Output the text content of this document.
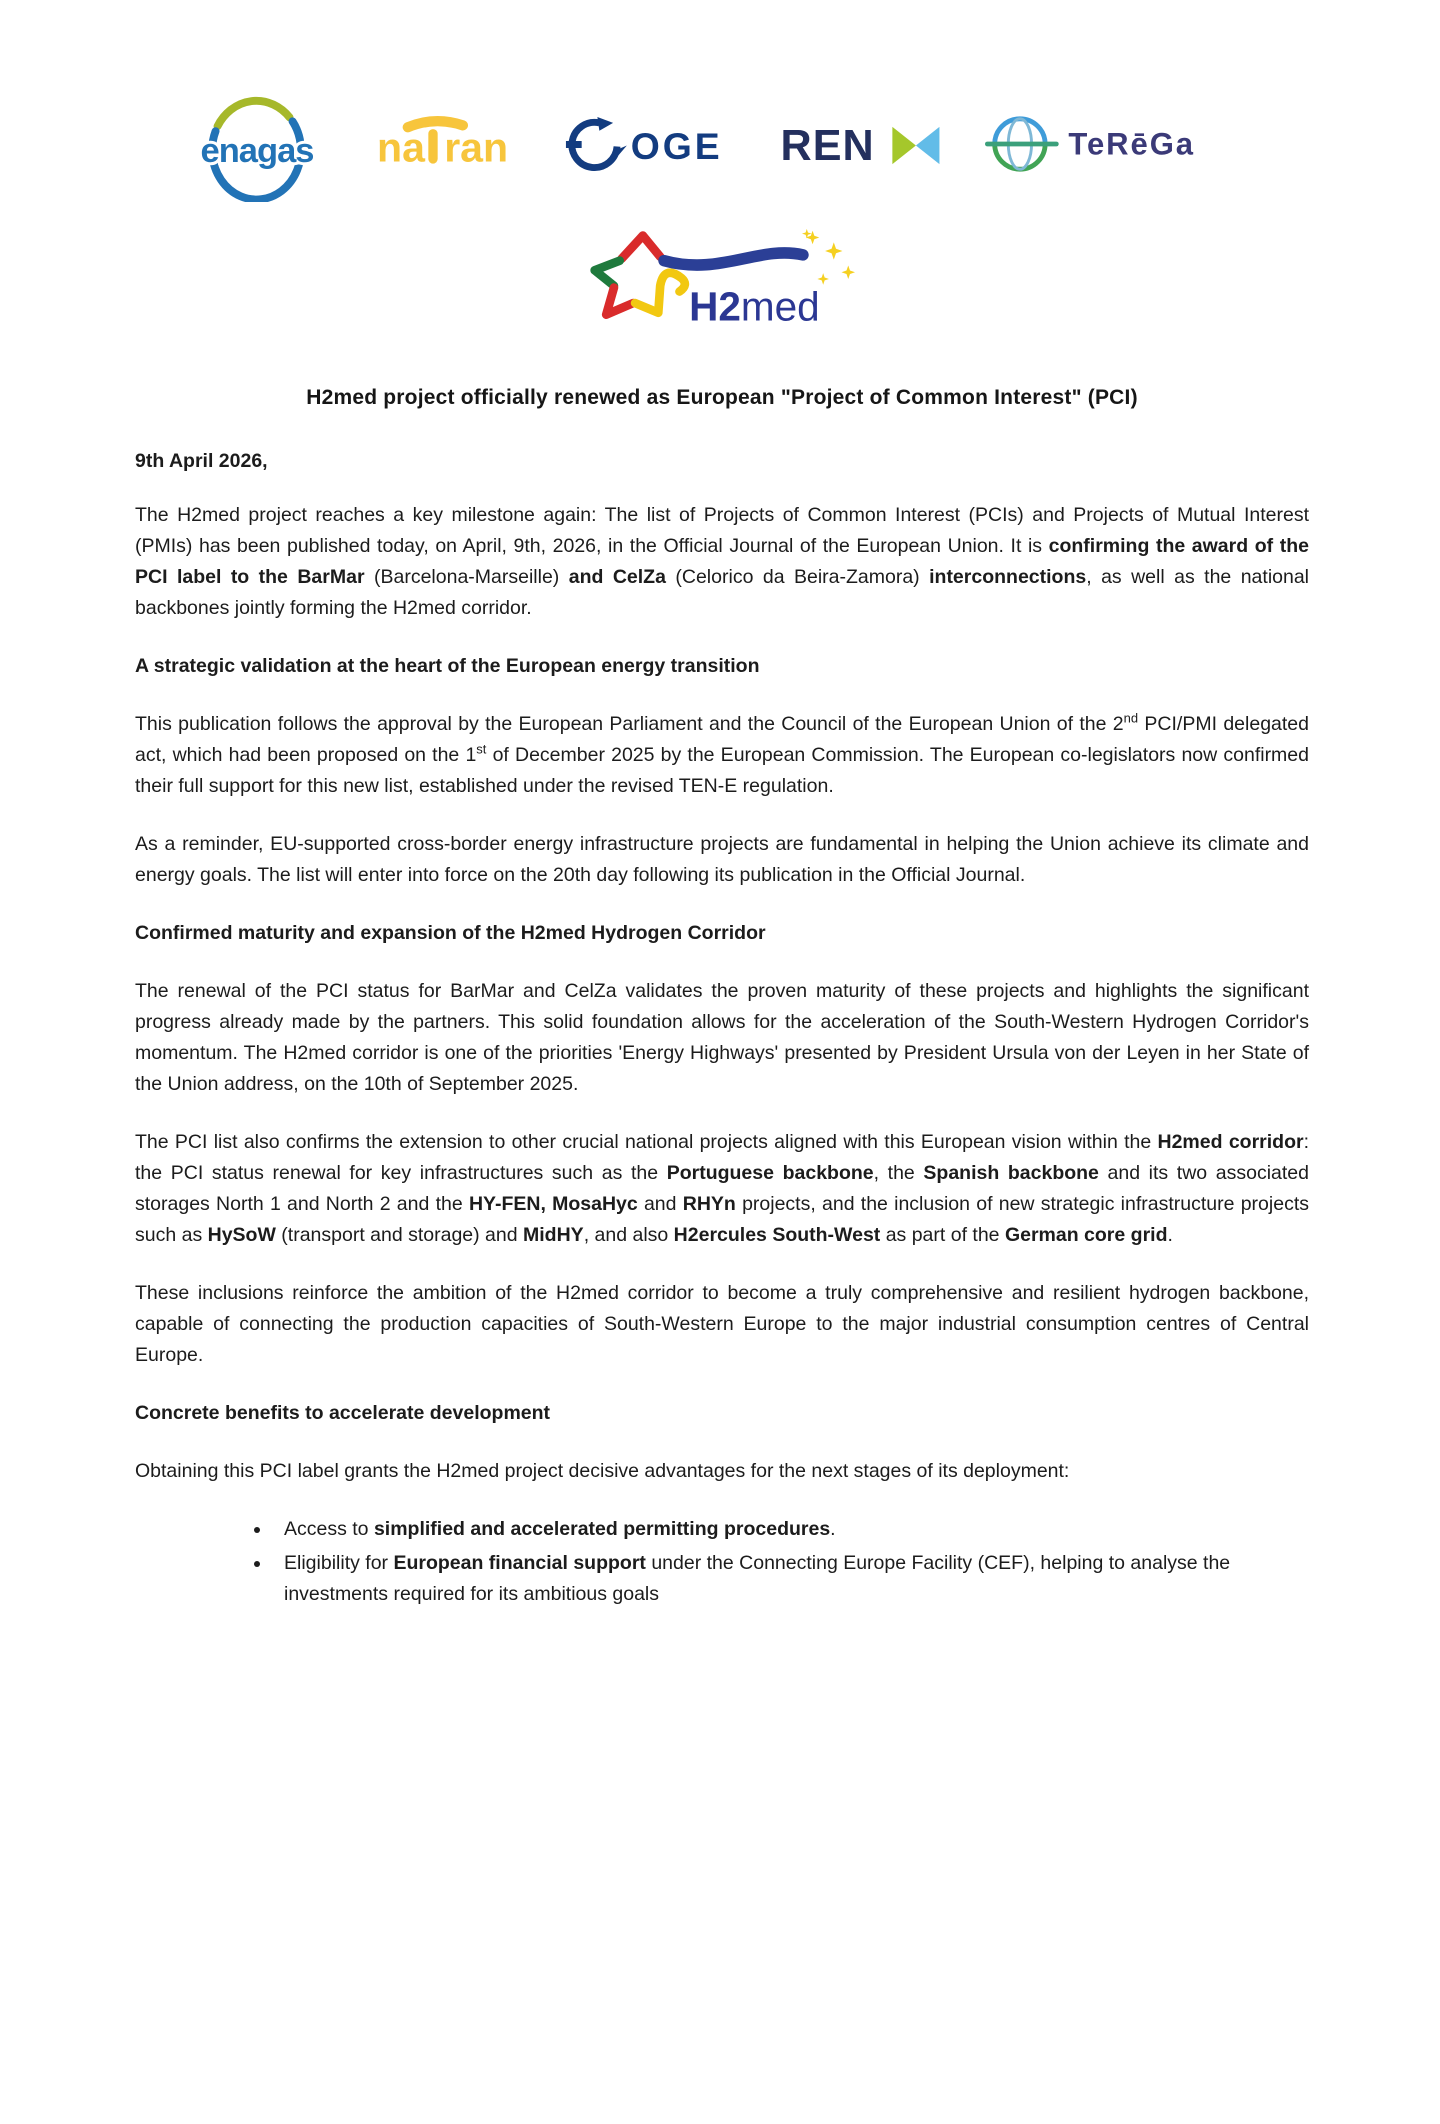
enagas na ran	OGE REN	TeRēGa
H2med
H2med project officially renewed as European "Project of Common Interest" (PCI)

9th April 2026,

The H2med project reaches a key milestone again: The list of Projects of Common Interest (PCIs) and Projects of Mutual Interest (PMIs) has been published today, on April, 9th, 2026, in the Official Journal of the European Union. It is confirming the award of the PCI label to the BarMar (Barcelona-Marseille) and CelZa (Celorico da Beira-Zamora) interconnections, as well as the national backbones jointly forming the H2med corridor.

A strategic validation at the heart of the European energy transition

This publication follows the approval by the European Parliament and the Council of the European Union of the 2nd PCI/PMI delegated act, which had been proposed on the 1st of December 2025 by the European Commission. The European co-legislators now confirmed their full support for this new list, established under the revised TEN-E regulation.

As a reminder, EU-supported cross-border energy infrastructure projects are fundamental in helping the Union achieve its climate and energy goals. The list will enter into force on the 20th day following its publication in the Official Journal.

Confirmed maturity and expansion of the H2med Hydrogen Corridor

The renewal of the PCI status for BarMar and CelZa validates the proven maturity of these projects and highlights the significant progress already made by the partners. This solid foundation allows for the acceleration of the South-Western Hydrogen Corridor's momentum. The H2med corridor is one of the priorities 'Energy Highways' presented by President Ursula von der Leyen in her State of the Union address, on the 10th of September 2025.

The PCI list also confirms the extension to other crucial national projects aligned with this European vision within the H2med corridor: the PCI status renewal for key infrastructures such as the Portuguese backbone, the Spanish backbone and its two associated storages North 1 and North 2 and the HY-FEN, MosaHyc and RHYn projects, and the inclusion of new strategic infrastructure projects such as HySoW (transport and storage) and MidHY, and also H2ercules South-West as part of the German core grid.

These inclusions reinforce the ambition of the H2med corridor to become a truly comprehensive and resilient hydrogen backbone, capable of connecting the production capacities of South-Western Europe to the major industrial consumption centres of Central Europe.

Concrete benefits to accelerate development

Obtaining this PCI label grants the H2med project decisive advantages for the next stages of its deployment:

• Access to simplified and accelerated permitting procedures.
• Eligibility for European financial support under the Connecting Europe Facility (CEF), helping to analyse the investments required for its ambitious goals
